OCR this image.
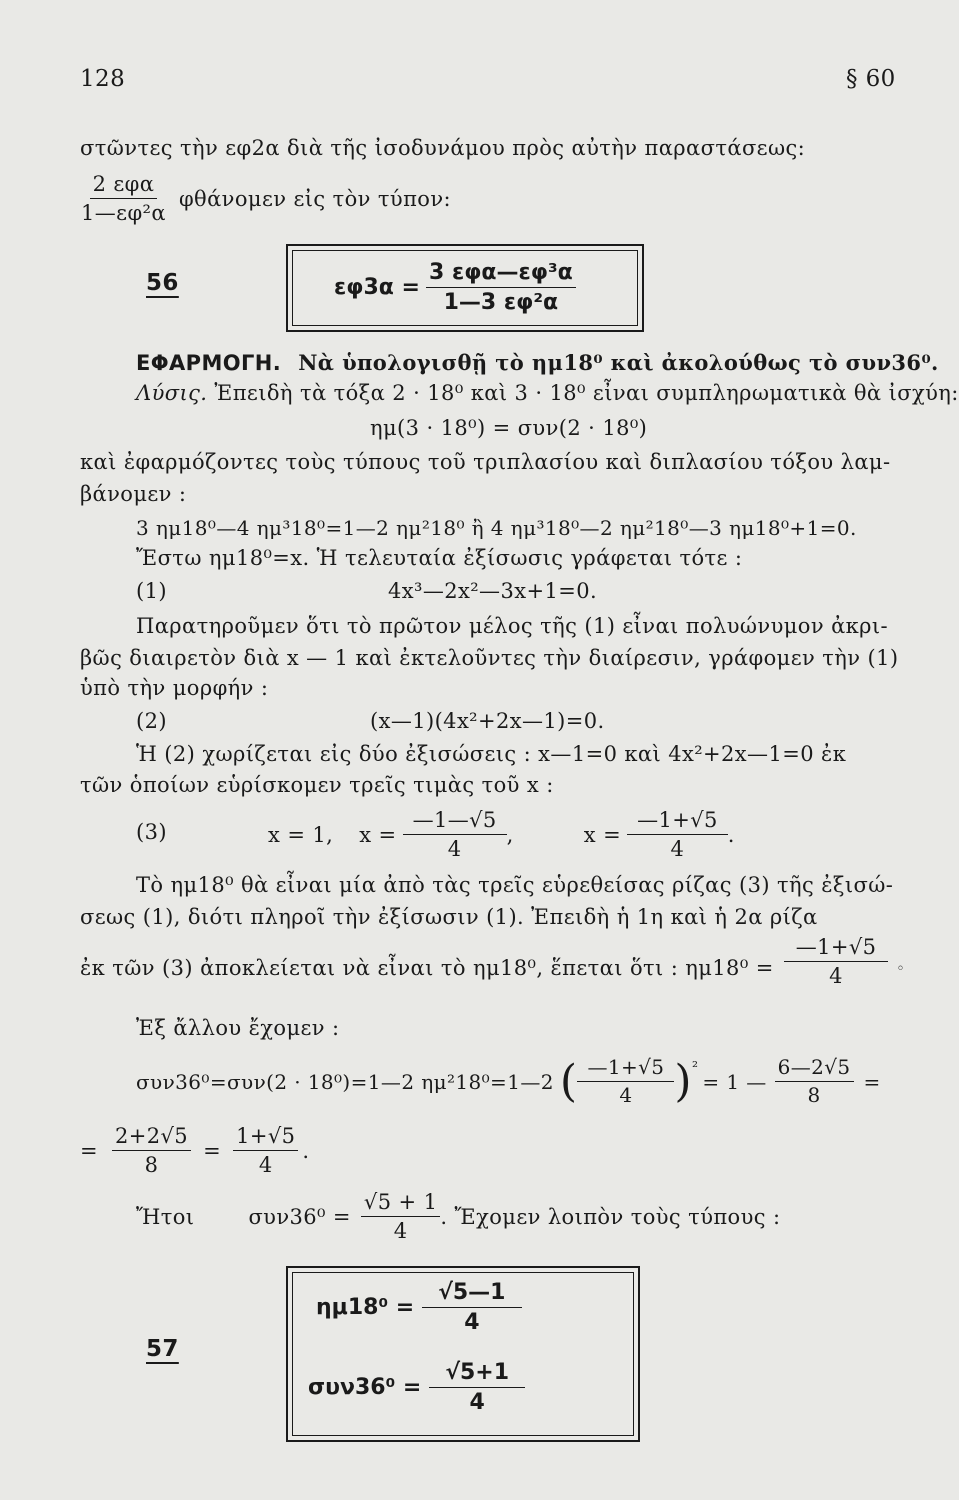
128	§ 60
στῶντες τὴν εφ2α διὰ τῆς ἰσοδυνάμου πρὸς αὐτὴν παραστάσεως:
$\frac{\text{2 εφα}}{\text{1—εφ²α}}$ φθάνομεν εἰς τὸν τύπον:
56	$\varepsilon\varphi 3\alpha = \frac{\text{3 εφα—εφ³α}}{\text{1—3 εφ²α}}$
ΕΦΑΡΜΟΓΗ. Νὰ ὑπολογισθῇ τὸ ημ18⁰ καὶ ἀκολούθως τὸ συν36⁰.
Λύσις. Ἐπειδὴ τὰ τόξα 2 · 18⁰ καὶ 3 · 18⁰ εἶναι συμπληρωματικὰ θὰ ἰσχύη:
ημ(3 · 18⁰) = συν(2 · 18⁰)
καὶ ἐφαρμόζοντες τοὺς τύπους τοῦ τριπλασίου καὶ διπλασίου τόξου λαμ-
βάνομεν :
3 ημ18⁰—4 ημ³18⁰=1—2 ημ²18⁰ ἢ 4 ημ³18⁰—2 ημ²18⁰—3 ημ18⁰+1=0.
Ἔστω ημ18⁰=x. Ἡ τελευταία ἐξίσωσις γράφεται τότε :
(1)	4x³—2x²—3x+1=0.
Παρατηροῦμεν ὅτι τὸ πρῶτον μέλος τῆς (1) εἶναι πολυώνυμον ἀκρι-
βῶς διαιρετὸν διὰ x — 1 καὶ ἐκτελοῦντες τὴν διαίρεσιν, γράφομεν τὴν (1)
ὑπὸ τὴν μορφήν :
(2)	(x—1)(4x²+2x—1)=0.
Ἡ (2) χωρίζεται εἰς δύο ἐξισώσεις : x—1=0 καὶ 4x²+2x—1=0 ἐκ
τῶν ὁποίων εὑρίσκομεν τρεῖς τιμὰς τοῦ x :
(3)	x = 1, $x = \frac{—1—√5}{4}$ ,	$x = \frac{—1+√5}{4}$ .
Τὸ ημ18⁰ θὰ εἶναι μία ἀπὸ τὰς τρεῖς εὑρεθείσας ρίζας (3) τῆς ἐξισώ-
σεως (1), διότι πληροῖ τὴν ἐξίσωσιν (1). Ἐπειδὴ ἡ 1η καὶ ἡ 2α ρίζα
ἐκ τῶν (3) ἀποκλείεται νὰ εἶναι τὸ ημ18⁰, ἕπεται ὅτι : $\eta\mu 18^0 = \frac{—1+√5}{4}$ ◦
Ἐξ ἄλλου ἔχομεν :
συν36⁰=συν(2 · 18⁰)=1—2 ημ²18⁰=1—2 ( $\frac{—1+√5}{4}$ ) ²
= 1 — $\frac{6—2√5}{8}$ =
= $\frac{2+2√5}{8} = \frac{1+√5}{4}$ .
Ἤτοι	$\sigma\upsilon\nu 36^0 = \frac{√5 + 1}{4}$ . Ἔχομεν λοιπὸν τοὺς τύπους :
57
$\eta\mu 18^0 = \frac{√5—1}{4}$
$\sigma\upsilon\nu 36^0 = \frac{√5+1}{4}$
